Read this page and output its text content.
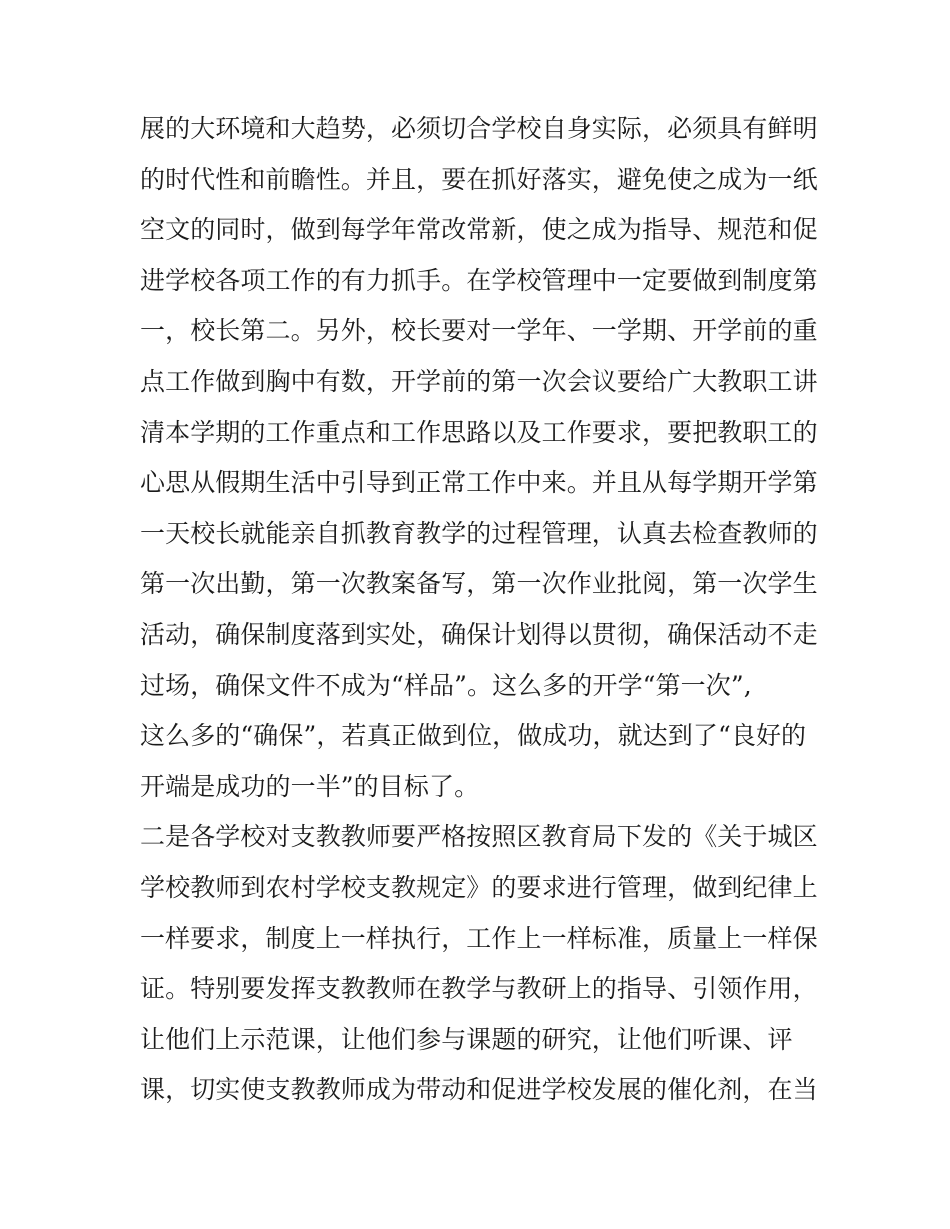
展的大环境和大趋势，必须切合学校自身实际，必须具有鲜明
的时代性和前瞻性。并且，要在抓好落实，避免使之成为一纸
空文的同时，做到每学年常改常新，使之成为指导、规范和促
进学校各项工作的有力抓手。在学校管理中一定要做到制度第
一，校长第二。另外，校长要对一学年、一学期、开学前的重
点工作做到胸中有数，开学前的第一次会议要给广大教职工讲
清本学期的工作重点和工作思路以及工作要求，要把教职工的
心思从假期生活中引导到正常工作中来。并且从每学期开学第
一天校长就能亲自抓教育教学的过程管理，认真去检查教师的
第一次出勤，第一次教案备写，第一次作业批阅，第一次学生
活动，确保制度落到实处，确保计划得以贯彻，确保活动不走
过场，确保文件不成为“样品”。这么多的开学“第一次”,
这么多的“确保”，若真正做到位，做成功，就达到了“良好的
开端是成功的一半”的目标了。
二是各学校对支教教师要严格按照区教育局下发的《关于城区
学校教师到农村学校支教规定》的要求进行管理，做到纪律上
一样要求，制度上一样执行，工作上一样标准，质量上一样保
证。特别要发挥支教教师在教学与教研上的指导、引领作用，
让他们上示范课，让他们参与课题的研究，让他们听课、评
课，切实使支教教师成为带动和促进学校发展的催化剂，在当
